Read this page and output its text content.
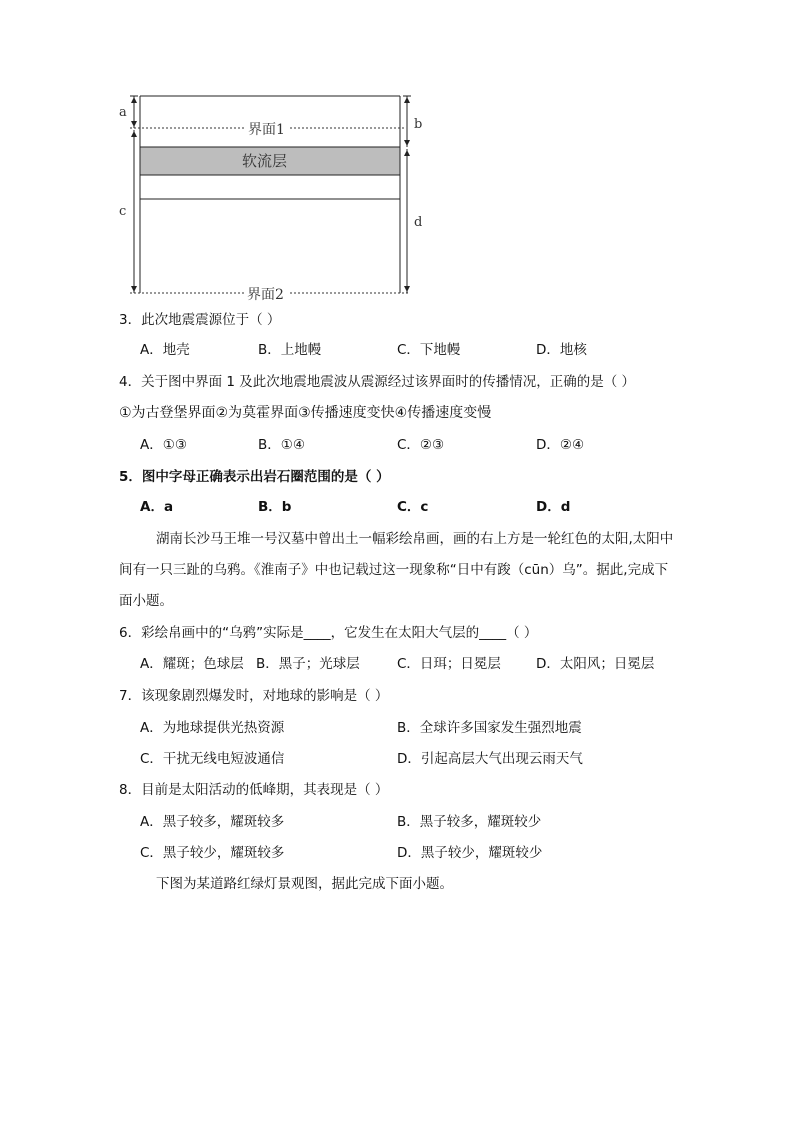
界面1
软流层
界面2
a
c
b
d
3．此次地震震源位于（ ）
A．地壳	B．上地幔	C．下地幔	D．地核
4．关于图中界面 1 及此次地震地震波从震源经过该界面时的传播情况，正确的是（ ）
①为古登堡界面②为莫霍界面③传播速度变快④传播速度变慢
A．①③	B．①④	C．②③	D．②④
5．图中字母正确表示出岩石圈范围的是（ ）
A．a	B．b	C．c	D．d
湖南长沙马王堆一号汉墓中曾出土一幅彩绘帛画，画的右上方是一轮红色的太阳,太阳中间有一只三趾的乌鸦。《淮南子》中也记载过这一现象称“日中有踆（cūn）乌”。据此,完成下面小题。
6．彩绘帛画中的“乌鸦”实际是____，它发生在太阳大气层的____（ ）
A．耀斑；色球层 B．黑子；光球层	C．日珥；日冕层	D．太阳风；日冕层
7．该现象剧烈爆发时，对地球的影响是（ ）
A．为地球提供光热资源	B．全球许多国家发生强烈地震
C．干扰无线电短波通信	D．引起高层大气出现云雨天气
8．目前是太阳活动的低峰期，其表现是（ ）
A．黑子较多，耀斑较多	B．黑子较多，耀斑较少
C．黑子较少，耀斑较多	D．黑子较少，耀斑较少
下图为某道路红绿灯景观图，据此完成下面小题。
